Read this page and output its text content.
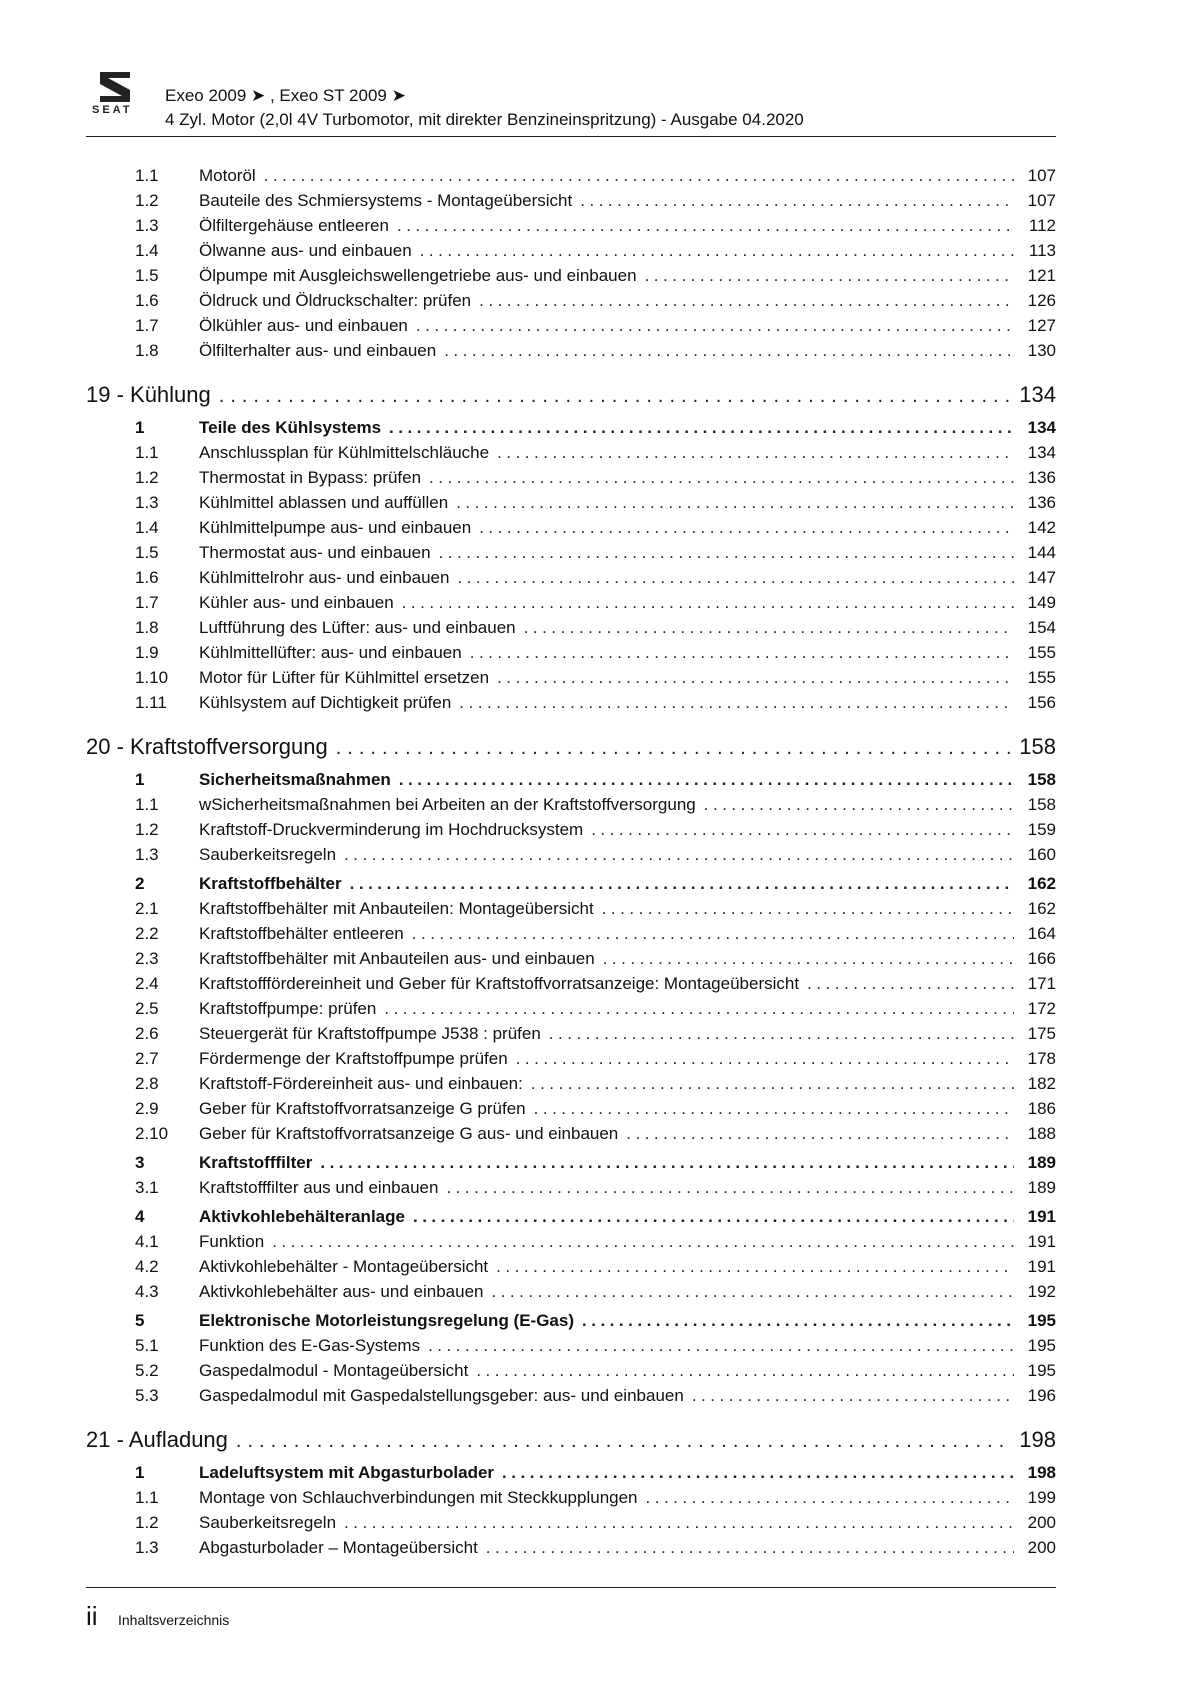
SEAT
Exeo 2009 ➤ , Exeo ST 2009 ➤
4 Zyl. Motor (2,0l 4V Turbomotor, mit direkter Benzineinspritzung) - Ausgabe 04.2020
1.1	Motoröl .....	107
1.2	Bauteile des Schmiersystems - Montageübersicht .....	107
1.3	Ölfiltergehäuse entleeren .....	112
1.4	Ölwanne aus- und einbauen .....	113
1.5	Ölpumpe mit Ausgleichswellengetriebe aus- und einbauen .....	121
1.6	Öldruck und Öldruckschalter: prüfen .....	126
1.7	Ölkühler aus- und einbauen .....	127
1.8	Ölfilterhalter aus- und einbauen .....	130
19 - Kühlung .....	134
1	Teile des Kühlsystems .....	134
1.1	Anschlussplan für Kühlmittelschläuche .....	134
1.2	Thermostat in Bypass: prüfen .....	136
1.3	Kühlmittel ablassen und auffüllen .....	136
1.4	Kühlmittelpumpe aus- und einbauen .....	142
1.5	Thermostat aus- und einbauen .....	144
1.6	Kühlmittelrohr aus- und einbauen .....	147
1.7	Kühler aus- und einbauen .....	149
1.8	Luftführung des Lüfter: aus- und einbauen .....	154
1.9	Kühlmittellüfter: aus- und einbauen .....	155
1.10	Motor für Lüfter für Kühlmittel ersetzen .....	155
1.11	Kühlsystem auf Dichtigkeit prüfen .....	156
20 - Kraftstoffversorgung .....	158
1	Sicherheitsmaßnahmen .....	158
1.1	wSicherheitsmaßnahmen bei Arbeiten an der Kraftstoffversorgung .....	158
1.2	Kraftstoff-Druckverminderung im Hochdrucksystem .....	159
1.3	Sauberkeitsregeln .....	160
2	Kraftstoffbehälter .....	162
2.1	Kraftstoffbehälter mit Anbauteilen: Montageübersicht .....	162
2.2	Kraftstoffbehälter entleeren .....	164
2.3	Kraftstoffbehälter mit Anbauteilen aus- und einbauen .....	166
2.4	Kraftstofffördereinheit und Geber für Kraftstoffvorratsanzeige: Montageübersicht .....	171
2.5	Kraftstoffpumpe: prüfen .....	172
2.6	Steuergerät für Kraftstoffpumpe J538 : prüfen .....	175
2.7	Fördermenge der Kraftstoffpumpe prüfen .....	178
2.8	Kraftstoff-Fördereinheit aus- und einbauen: .....	182
2.9	Geber für Kraftstoffvorratsanzeige G prüfen .....	186
2.10	Geber für Kraftstoffvorratsanzeige G aus- und einbauen .....	188
3	Kraftstofffilter .....	189
3.1	Kraftstofffilter aus und einbauen .....	189
4	Aktivkohlebehälteranlage .....	191
4.1	Funktion .....	191
4.2	Aktivkohlebehälter - Montageübersicht .....	191
4.3	Aktivkohlebehälter aus- und einbauen .....	192
5	Elektronische Motorleistungsregelung (E-Gas) .....	195
5.1	Funktion des E-Gas-Systems .....	195
5.2	Gaspedalmodul - Montageübersicht .....	195
5.3	Gaspedalmodul mit Gaspedalstellungsgeber: aus- und einbauen .....	196
21 - Aufladung .....	198
1	Ladeluftsystem mit Abgasturbolader .....	198
1.1	Montage von Schlauchverbindungen mit Steckkupplungen .....	199
1.2	Sauberkeitsregeln .....	200
1.3	Abgasturbolader – Montageübersicht .....	200
ii Inhaltsverzeichnis
